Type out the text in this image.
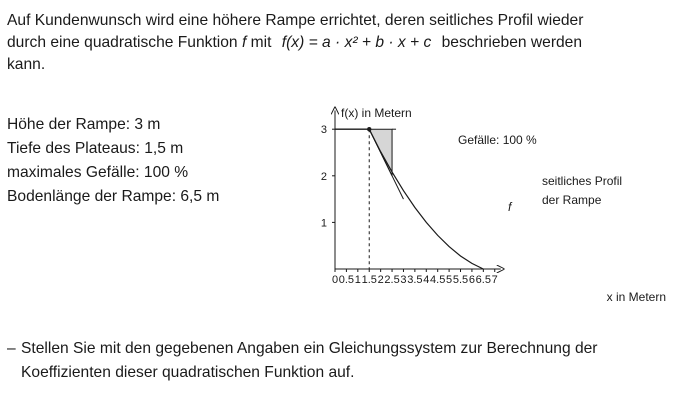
Auf Kundenwunsch wird eine höhere Rampe errichtet, deren seitliches Profil wieder
durch eine quadratische Funktion f mit f(x) = a · x² + b · x + c beschrieben werden
kann.
Höhe der Rampe: 3 m
Tiefe des Plateaus: 1,5 m
maximales Gefälle: 100 %
Bodenlänge der Rampe: 6,5 m
0 0.5 1 1.5 2 2.5 3 3.5 4 4.5 5 5.5 6 6.5 7
1
2
3
f(x) in Metern
x in Metern
Gefälle: 100 %
seitliches Profil
der Rampe
f
– Stellen Sie mit den gegebenen Angaben ein Gleichungssystem zur Berechnung der Koeffizienten dieser quadratischen Funktion auf.
